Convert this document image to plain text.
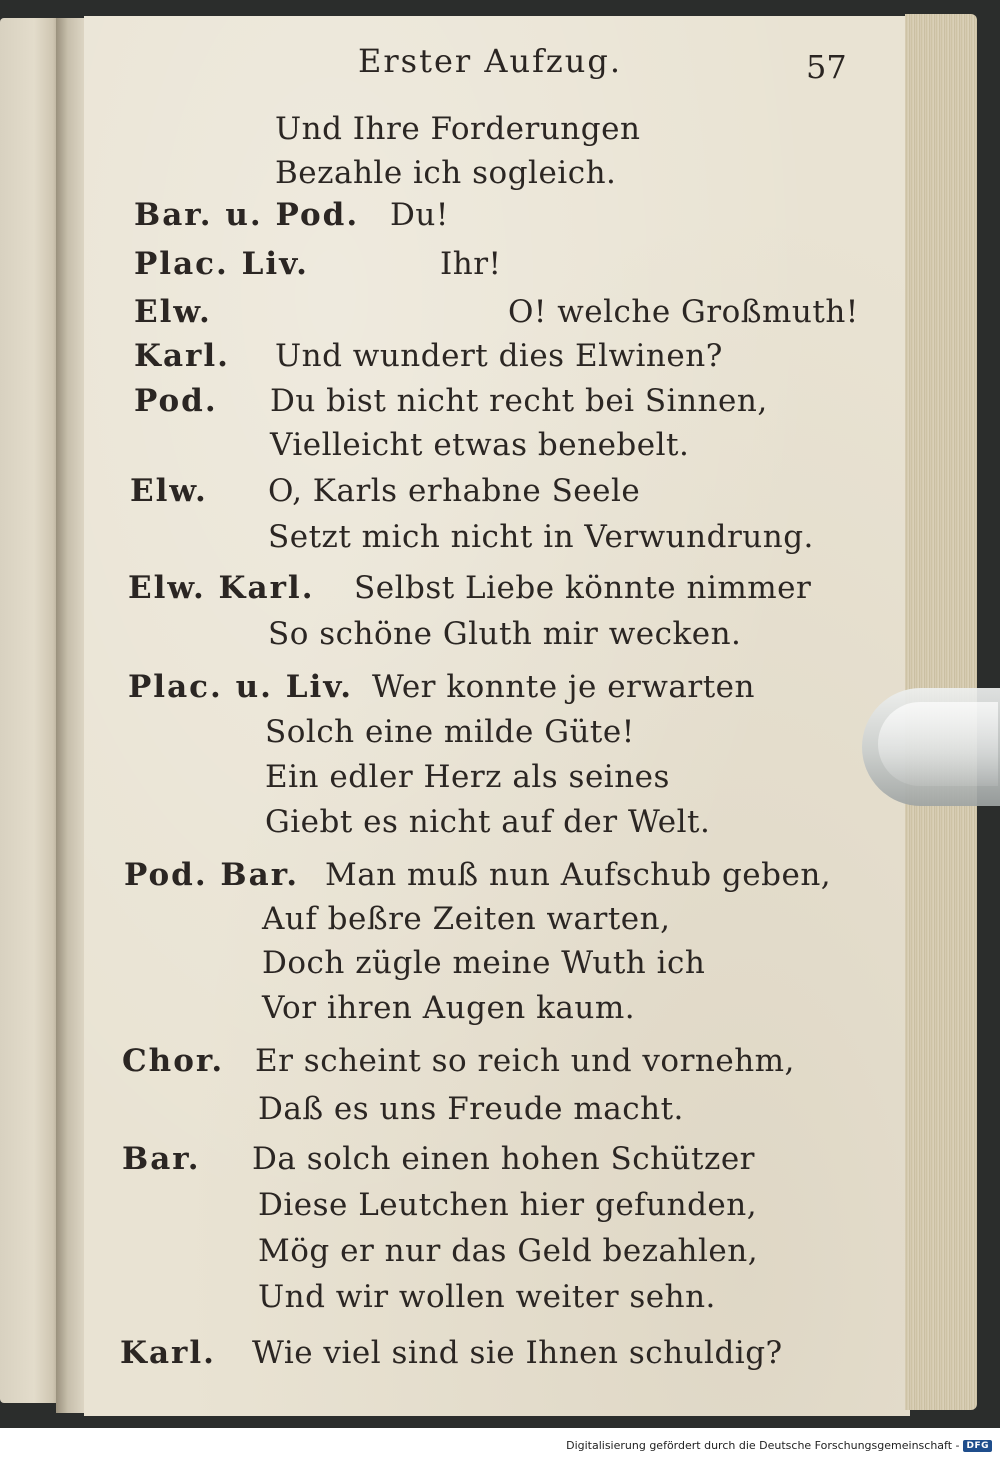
Erster Aufzug.	57
Bar. u. Pod.
Plac. Liv.
Elw.
Karl.
Pod.
Elw.
Elw. Karl.
Plac. u. Liv.
Pod. Bar.
Chor.
Bar.
Karl.
Und Ihre Forderungen
Bezahle ich sogleich.
Du!
Ihr!
O! welche Großmuth!
Und wundert dies Elwinen?
Du bist nicht recht bei Sinnen,
Vielleicht etwas benebelt.
O, Karls erhabne Seele
Setzt mich nicht in Verwundrung.
Selbst Liebe könnte nimmer
So schöne Gluth mir wecken.
Wer konnte je erwarten
Solch eine milde Güte!
Ein edler Herz als seines
Giebt es nicht auf der Welt.
Man muß nun Aufschub geben,
Auf beßre Zeiten warten,
Doch zügle meine Wuth ich
Vor ihren Augen kaum.
Er scheint so reich und vornehm,
Daß es uns Freude macht.
Da solch einen hohen Schützer
Diese Leutchen hier gefunden,
Mög er nur das Geld bezahlen,
Und wir wollen weiter sehn.
Wie viel sind sie Ihnen schuldig?
Digitalisierung gefördert durch die Deutsche Forschungsgemeinschaft - DFG
